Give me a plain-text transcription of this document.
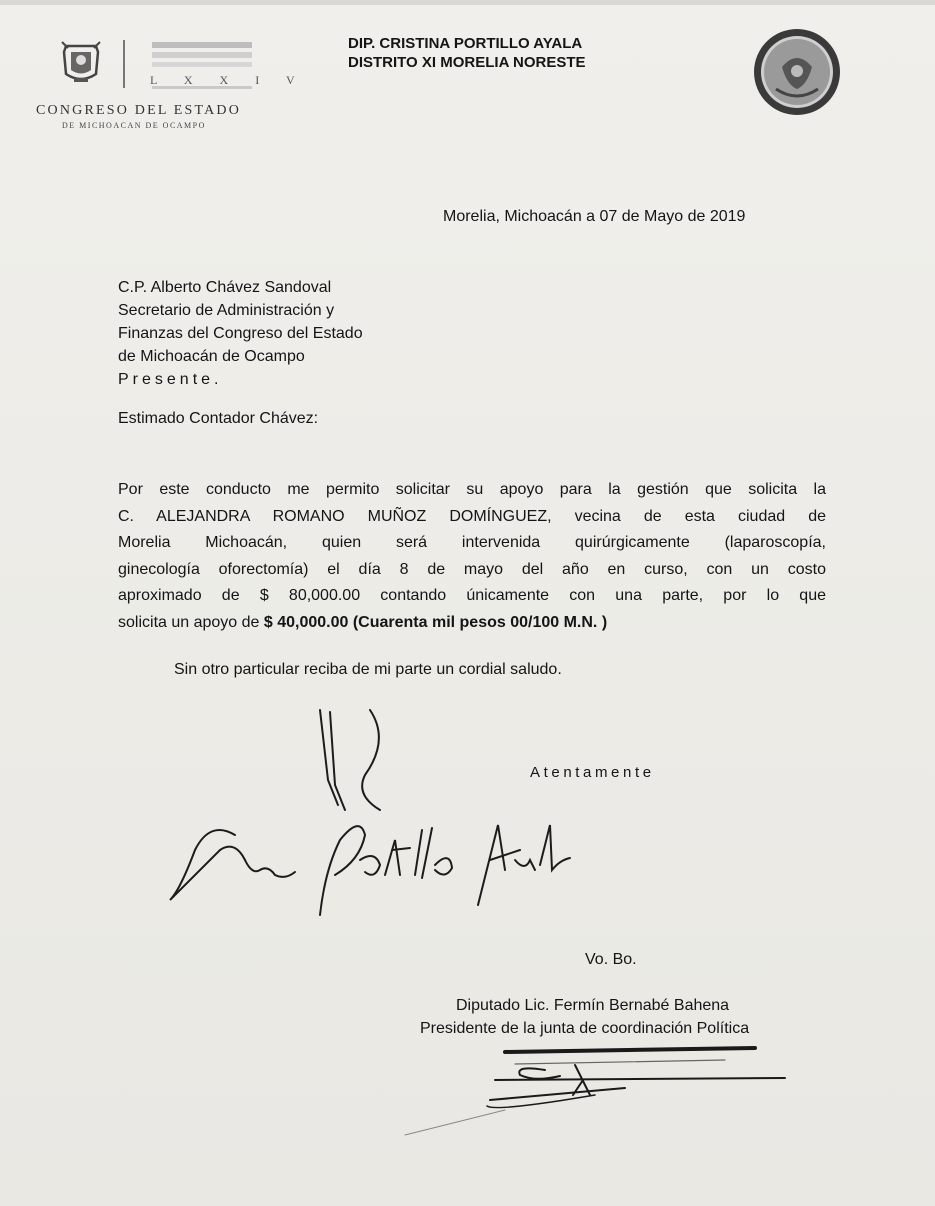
L X X I V
CONGRESO DEL ESTADO
DE MICHOACAN DE OCAMPO
DIP. CRISTINA PORTILLO AYALA
DISTRITO XI MORELIA NORESTE
Morelia, Michoacán a 07 de Mayo de 2019
C.P. Alberto Chávez Sandoval
Secretario de Administración y
Finanzas del Congreso del Estado
de Michoacán de Ocampo
Presente.
Estimado Contador Chávez:
Por este conducto me permito solicitar su apoyo para la gestión que solicita la
C. ALEJANDRA ROMANO MUÑOZ DOMÍNGUEZ, vecina de esta ciudad de
Morelia Michoacán, quien será intervenida quirúrgicamente (laparoscopía,
ginecología oforectomía) el día 8 de mayo del año en curso, con un costo
aproximado de $ 80,000.00 contando únicamente con una parte, por lo que
solicita un apoyo de $ 40,000.00 (Cuarenta mil pesos 00/100 M.N. )
Sin otro particular reciba de mi parte un cordial saludo.
Atentamente
Vo. Bo.
Diputado Lic. Fermín Bernabé Bahena
Presidente de la junta de coordinación Política
